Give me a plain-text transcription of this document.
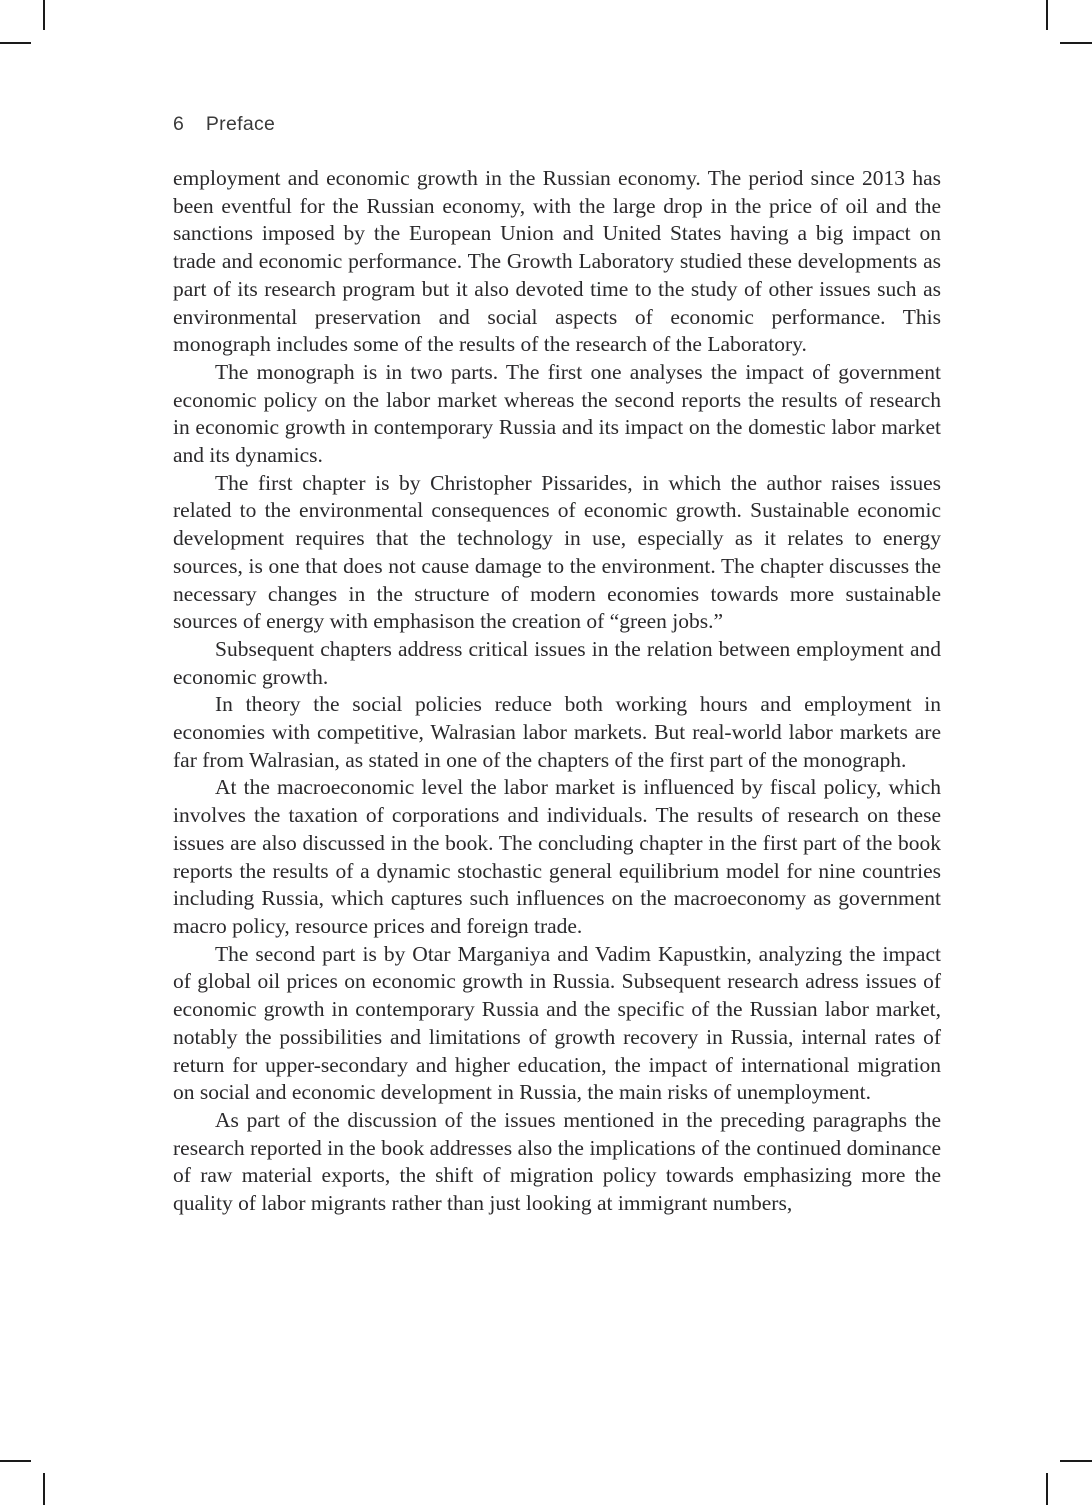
6 Preface

employment and economic growth in the Russian economy. The period since 2013 has been eventful for the Russian economy, with the large drop in the price of oil and the sanctions imposed by the European Union and United States having a big impact on trade and economic performance. The Growth Laboratory studied these developments as part of its research program but it also devoted time to the study of other issues such as environmental preservation and social aspects of economic performance. This monograph includes some of the results of the research of the Laboratory.

The monograph is in two parts. The first one analyses the impact of government economic policy on the labor market whereas the second reports the results of research in economic growth in contemporary Russia and its impact on the domestic labor market and its dynamics.

The first chapter is by Christopher Pissarides, in which the author raises issues related to the environmental consequences of economic growth. Sustainable economic development requires that the technology in use, especially as it relates to energy sources, is one that does not cause damage to the environment. The chapter discusses the necessary changes in the structure of modern economies towards more sustainable sources of energy with emphasison the creation of “green jobs.”

Subsequent chapters address critical issues in the relation between employment and economic growth.

In theory the social policies reduce both working hours and employment in economies with competitive, Walrasian labor markets. But real-world labor markets are far from Walrasian, as stated in one of the chapters of the first part of the monograph.

At the macroeconomic level the labor market is influenced by fiscal policy, which involves the taxation of corporations and individuals. The results of research on these issues are also discussed in the book. The concluding chapter in the first part of the book reports the results of a dynamic stochastic general equilibrium model for nine countries including Russia, which captures such influences on the macroeconomy as government macro policy, resource prices and foreign trade.

The second part is by Otar Marganiya and Vadim Kapustkin, analyzing the impact of global oil prices on economic growth in Russia. Subsequent research adress issues of economic growth in contemporary Russia and the specific of the Russian labor market, notably the possibilities and limitations of growth recovery in Russia, internal rates of return for upper-secondary and higher education, the impact of international migration on social and economic development in Russia, the main risks of unemployment.

As part of the discussion of the issues mentioned in the preceding paragraphs the research reported in the book addresses also the implications of the continued dominance of raw material exports, the shift of migration policy towards emphasizing more the quality of labor migrants rather than just looking at immigrant numbers,
